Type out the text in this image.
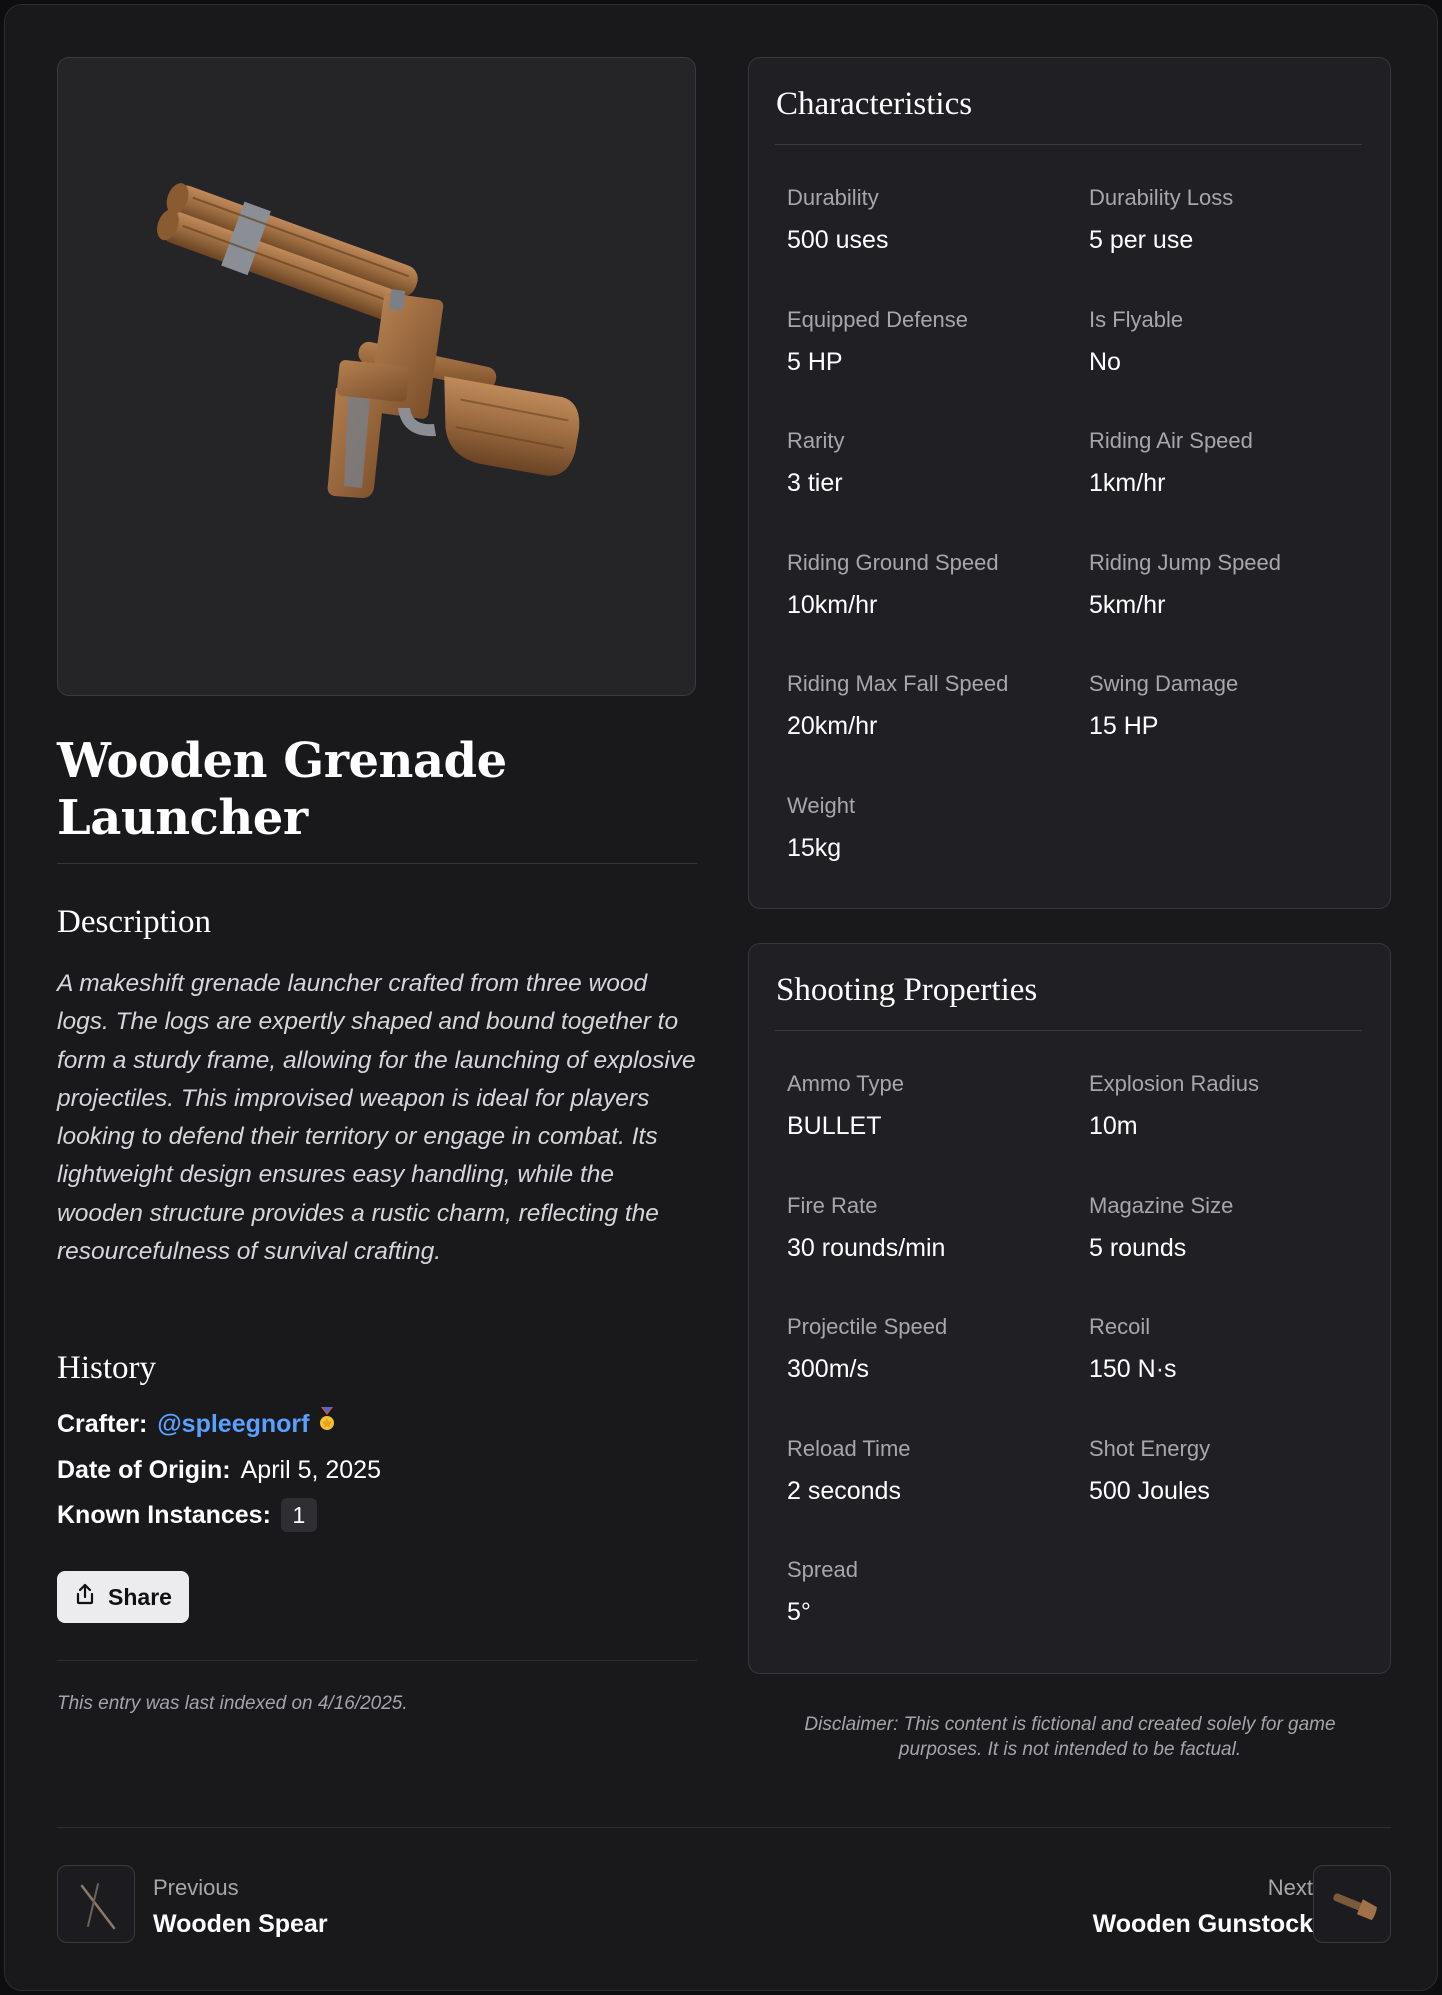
Wooden Grenade Launcher
Description
A makeshift grenade launcher crafted from three wood logs. The logs are expertly shaped and bound together to form a sturdy frame, allowing for the launching of explosive projectiles. This improvised weapon is ideal for players looking to defend their territory or engage in combat. Its lightweight design ensures easy handling, while the wooden structure provides a rustic charm, reflecting the resourcefulness of survival crafting.
History
Crafter: @spleegnorf
Date of Origin: April 5, 2025
Known Instances: 1
Share
This entry was last indexed on 4/16/2025.
Characteristics
Durability
500 uses
Durability Loss
5 per use
Equipped Defense
5 HP
Is Flyable
No
Rarity
3 tier
Riding Air Speed
1km/hr
Riding Ground Speed
10km/hr
Riding Jump Speed
5km/hr
Riding Max Fall Speed
20km/hr
Swing Damage
15 HP
Weight
15kg
Shooting Properties
Ammo Type
BULLET
Explosion Radius
10m
Fire Rate
30 rounds/min
Magazine Size
5 rounds
Projectile Speed
300m/s
Recoil
150 N·s
Reload Time
2 seconds
Shot Energy
500 Joules
Spread
5°
Disclaimer: This content is fictional and created solely for game purposes. It is not intended to be factual.
Previous
Wooden Spear
Next
Wooden Gunstock
